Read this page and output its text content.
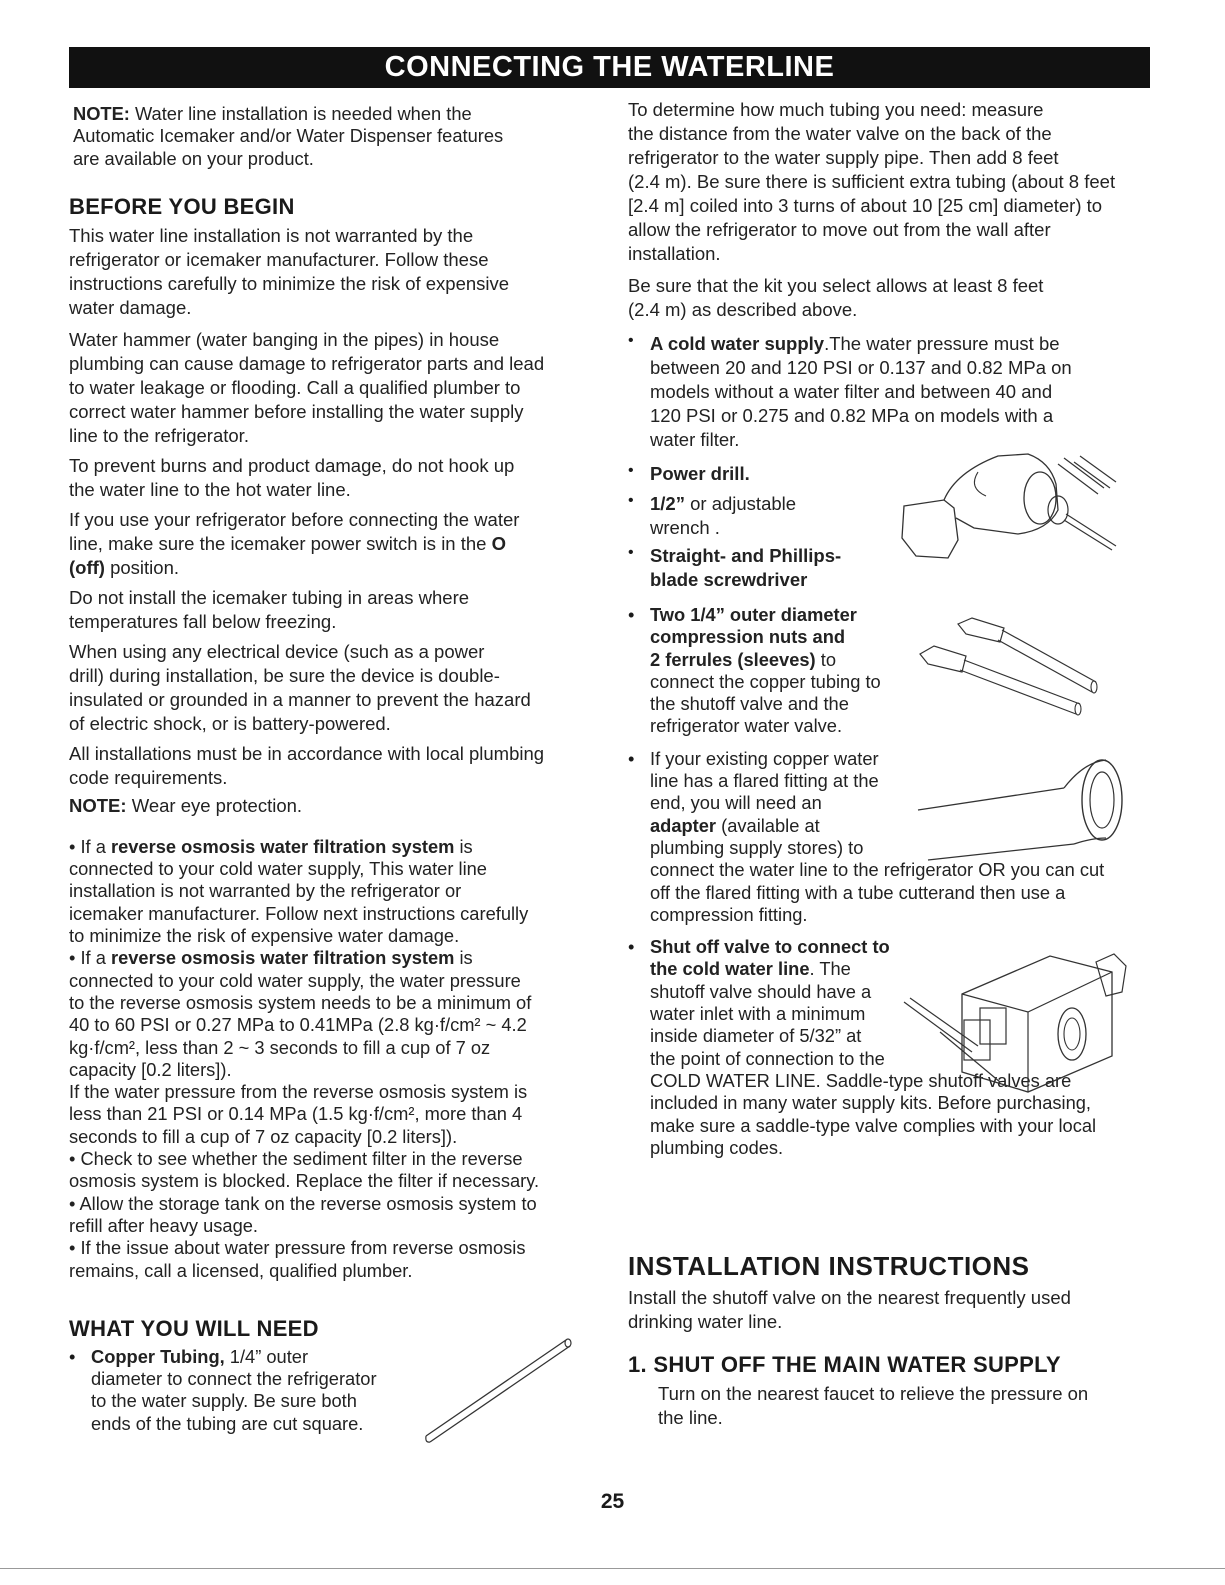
CONNECTING THE WATERLINE

NOTE: Water line installation is needed when the

Automatic Icemaker and/or Water Dispenser features

are available on your product.

BEFORE YOU BEGIN

This water line installation is not warranted by the

refrigerator or icemaker manufacturer. Follow these

instructions carefully to minimize the risk of expensive

water damage.

Water hammer (water banging in the pipes) in house

plumbing can cause damage to refrigerator parts and lead

to water leakage or flooding. Call a qualified plumber to

correct water hammer before installing the water supply

line to the refrigerator.

To prevent burns and product damage, do not hook up

the water line to the hot water line.

If you use your refrigerator before connecting the water

line, make sure the icemaker power switch is in the O

(off) position.

Do not install the icemaker tubing in areas where

temperatures fall below freezing.

When using any electrical device (such as a power

drill) during installation, be sure the device is double-

insulated or grounded in a manner to prevent the hazard

of electric shock, or is battery-powered.

All installations must be in accordance with local plumbing

code requirements.

NOTE: Wear eye protection.

• If a reverse osmosis water filtration system is

connected to your cold water supply, This water line

installation is not warranted by the refrigerator or

icemaker manufacturer. Follow next instructions carefully

to minimize the risk of expensive water damage.

• If a reverse osmosis water filtration system is

connected to your cold water supply, the water pressure

to the reverse osmosis system needs to be a minimum of

40 to 60 PSI or 0.27 MPa to 0.41MPa (2.8 kg·f/cm² ~ 4.2

kg·f/cm², less than 2 ~ 3 seconds to fill a cup of 7 oz

capacity [0.2 liters]).

If the water pressure from the reverse osmosis system is

less than 21 PSI or 0.14 MPa (1.5 kg·f/cm², more than 4

seconds to fill a cup of 7 oz capacity [0.2 liters]).

• Check to see whether the sediment filter in the reverse

osmosis system is blocked. Replace the filter if necessary.

• Allow the storage tank on the reverse osmosis system to

refill after heavy usage.

• If the issue about water pressure from reverse osmosis

remains, call a licensed, qualified plumber.

WHAT YOU WILL NEED
• Copper Tubing, 1/4” outer

diameter to connect the refrigerator

to the water supply. Be sure both

ends of the tubing are cut square.

To determine how much tubing you need: measure

the distance from the water valve on the back of the

refrigerator to the water supply pipe. Then add 8 feet

(2.4 m). Be sure there is sufficient extra tubing (about 8 feet

[2.4 m] coiled into 3 turns of about 10 [25 cm] diameter) to

allow the refrigerator to move out from the wall after

installation.

Be sure that the kit you select allows at least 8 feet

(2.4 m) as described above.

• A cold water supply.The water pressure must be

between 20 and 120 PSI or 0.137 and 0.82 MPa on

models without a water filter and between 40 and

120 PSI or 0.275 and 0.82 MPa on models with a

water filter.

• Power drill.

• 1/2” or adjustable

wrench .

• Straight- and Phillips-

blade screwdriver

• Two 1/4” outer diameter

compression nuts and

2 ferrules (sleeves) to

connect the copper tubing to

the shutoff valve and the

refrigerator water valve.

• If your existing copper water

line has a flared fitting at the

end, you will need an

adapter (available at

plumbing supply stores) to

connect the water line to the refrigerator OR you can cut

off the flared fitting with a tube cutterand then use a

compression fitting.

• Shut off valve to connect to

the cold water line. The

shutoff valve should have a

water inlet with a minimum

inside diameter of 5/32” at

the point of connection to the

COLD WATER LINE. Saddle-type shutoff valves are

included in many water supply kits. Before purchasing,

make sure a saddle-type valve complies with your local

plumbing codes.

INSTALLATION INSTRUCTIONS

Install the shutoff valve on the nearest frequently used

drinking water line.

1. SHUT OFF THE MAIN WATER SUPPLY

Turn on the nearest faucet to relieve the pressure on

the line.

25
